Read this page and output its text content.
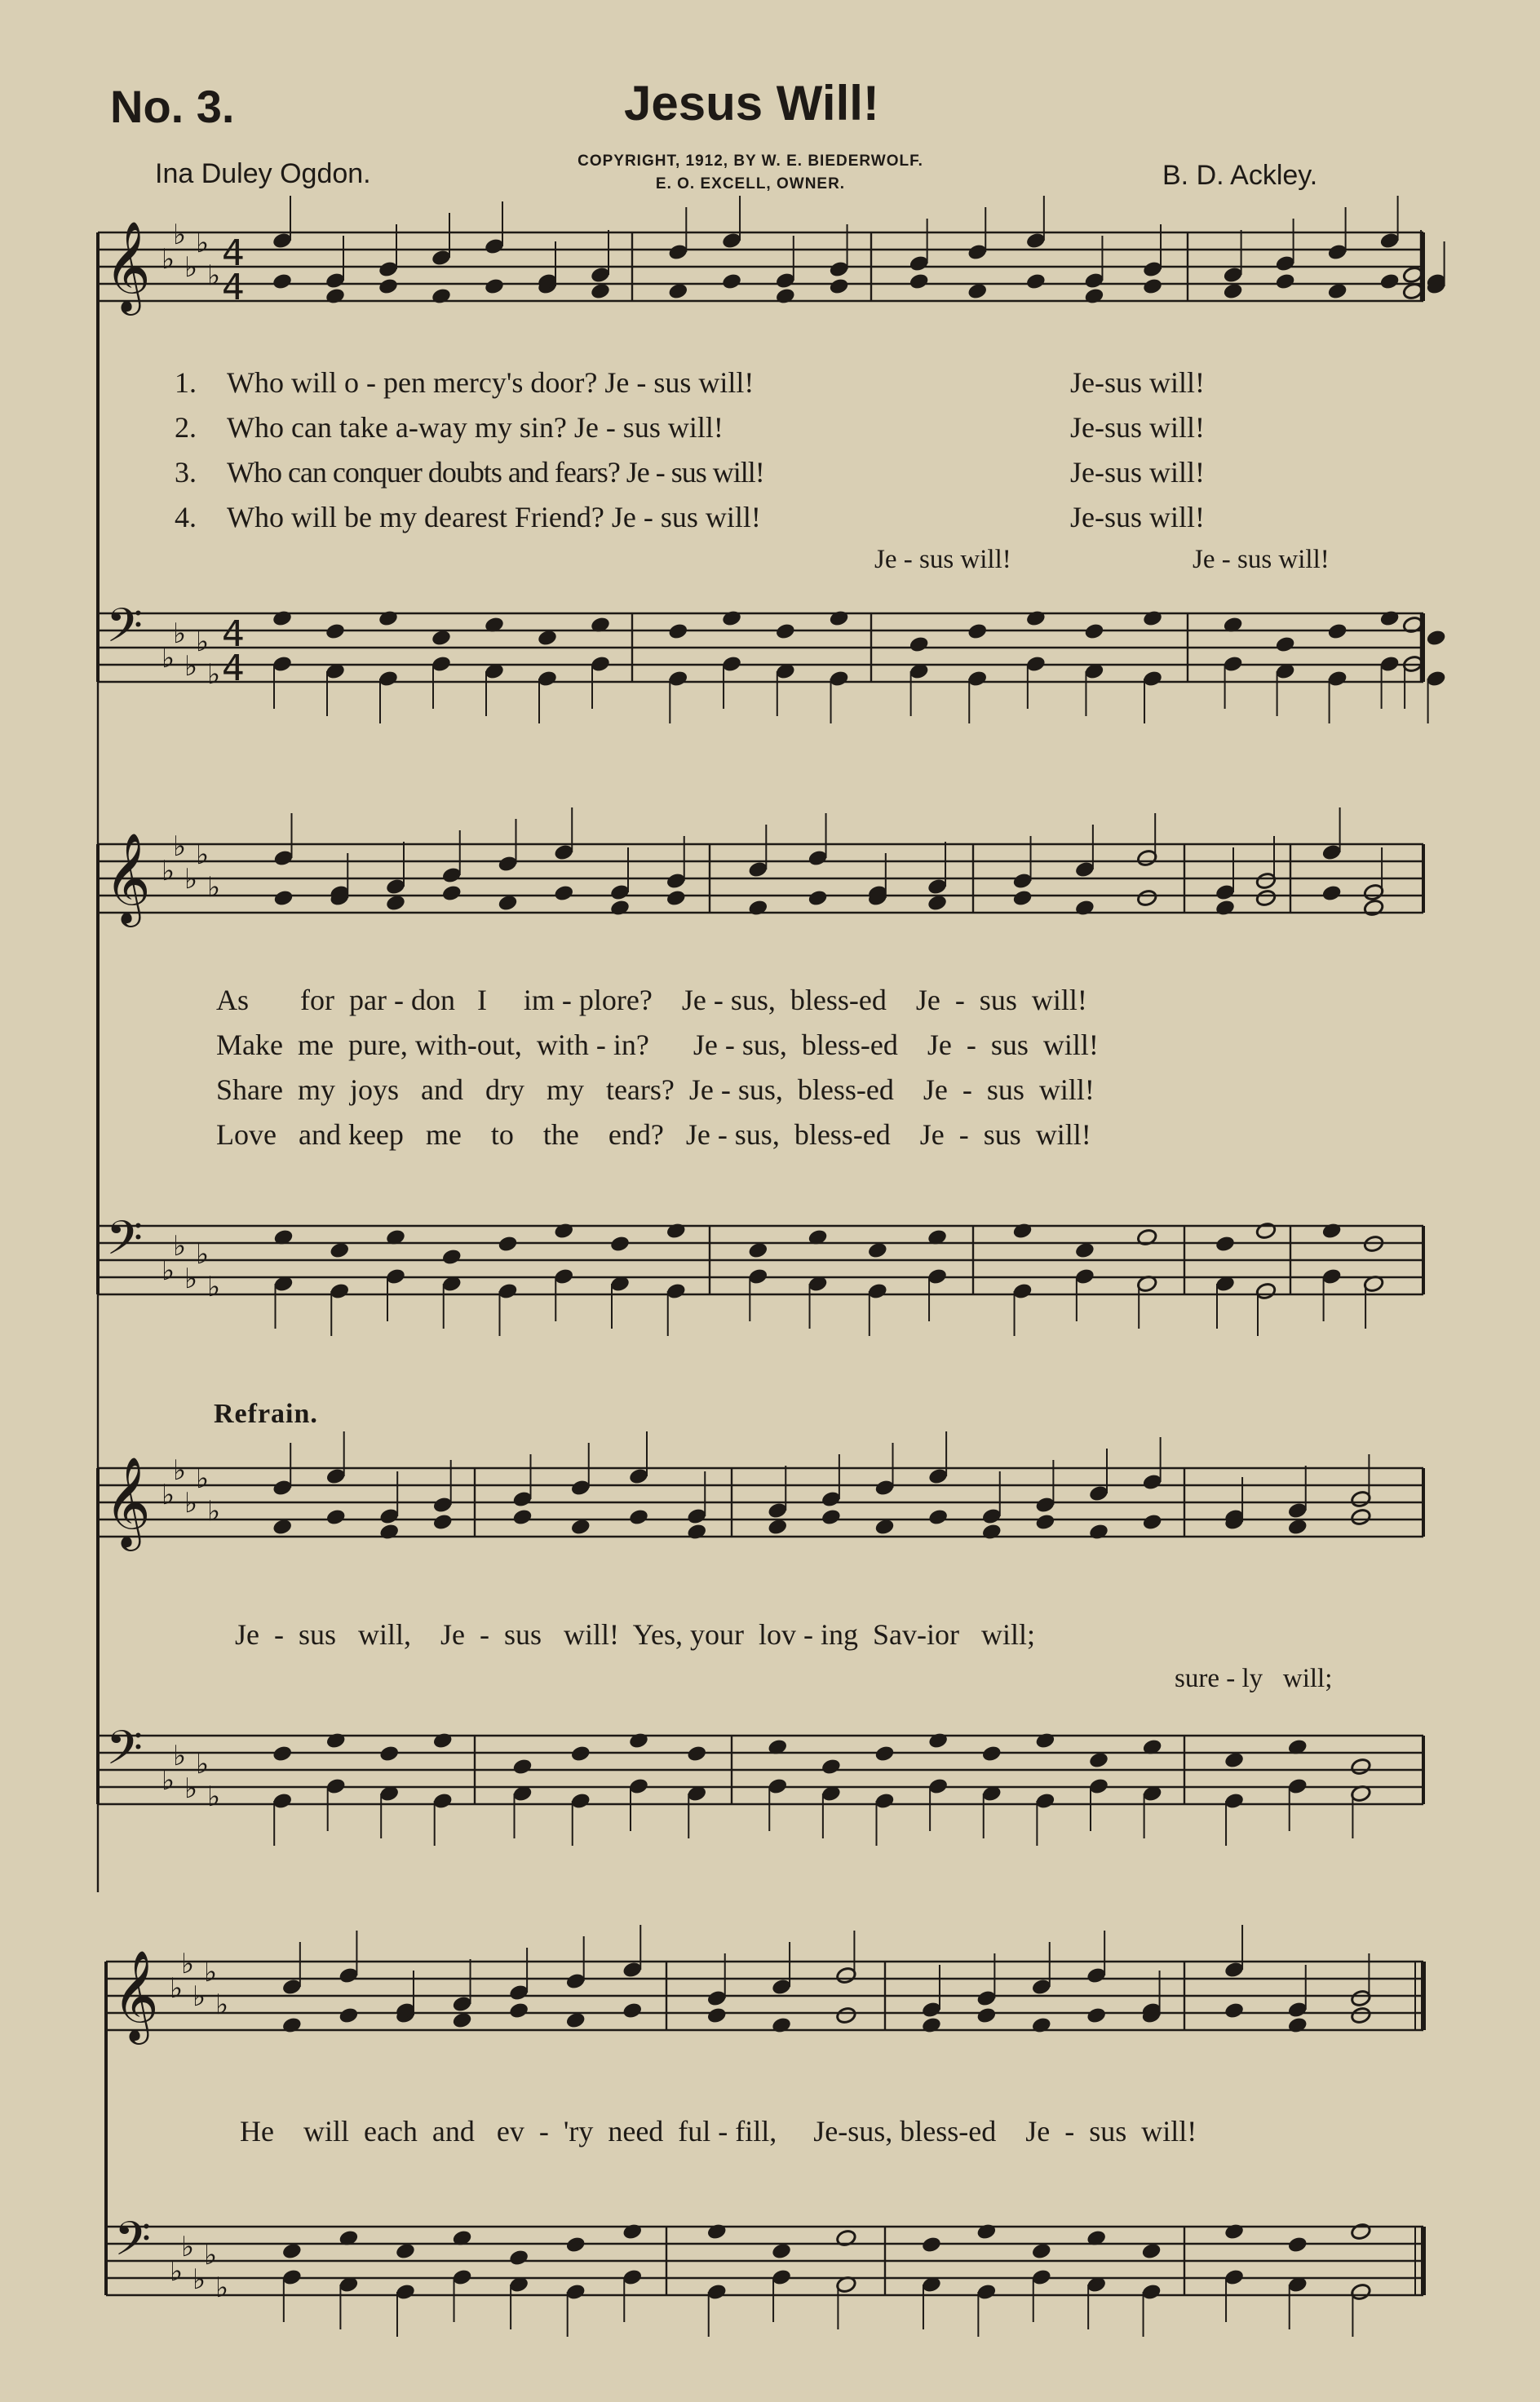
No. 3.	Jesus Will!
Ina Duley Ogdon.	COPYRIGHT, 1912, BY W. E. BIEDERWOLF.
E. O. EXCELL, OWNER.	B. D. Ackley.
𝄞
𝄢
♭
♭
♭
♭
♭
♭
♭
♭
♭
♭
4
4
4
4
𝄞
𝄢
♭
♭
♭
♭
♭
♭
♭
♭
♭
♭
𝄞
𝄢
♭
♭
♭
♭
♭
♭
♭
♭
♭
♭
𝄞
𝄢
♭
♭
♭
♭
♭
♭
♭
♭
♭
♭
1. Who will o - pen mercy's door? Je - sus will!	Je-sus will!
2. Who can take a-way my sin? Je - sus will!	Je-sus will!
3. Who can conquer doubts and fears? Je - sus will!	Je-sus will!
4. Who will be my dearest Friend? Je - sus will!	Je-sus will!
Je - sus will!	Je - sus will!
As       for  par - don   I     im - plore?    Je - sus,  bless-ed    Je  -  sus  will!
Make  me  pure, with-out,  with - in?      Je - sus,  bless-ed    Je  -  sus  will!
Share  my  joys   and   dry   my   tears?  Je - sus,  bless-ed    Je  -  sus  will!
Love   and keep   me    to    the    end?   Je - sus,  bless-ed    Je  -  sus  will!
Refrain.
Je  -  sus   will,    Je  -  sus   will!  Yes, your  lov - ing  Sav-ior   will;
sure - ly   will;
He    will  each  and   ev  -  'ry  need  ful - fill,     Je-sus, bless-ed    Je  -  sus  will!
